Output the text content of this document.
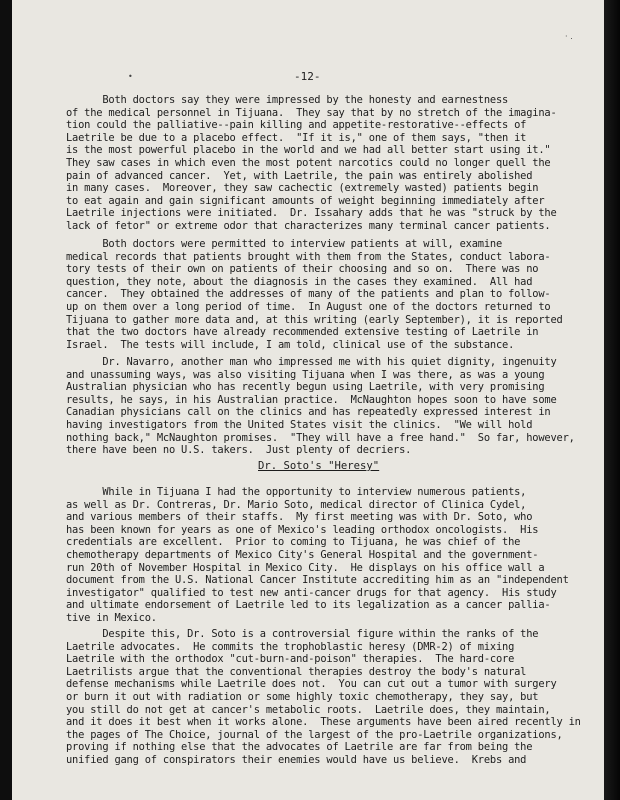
•
· .
-12-
Both doctors say they were impressed by the honesty and earnestness
of the medical personnel in Tijuana.  They say that by no stretch of the imagina-
tion could the palliative--pain killing and appetite-restorative--effects of
Laetrile be due to a placebo effect.  "If it is," one of them says, "then it
is the most powerful placebo in the world and we had all better start using it."
They saw cases in which even the most potent narcotics could no longer quell the
pain of advanced cancer.  Yet, with Laetrile, the pain was entirely abolished
in many cases.  Moreover, they saw cachectic (extremely wasted) patients begin
to eat again and gain significant amounts of weight beginning immediately after
Laetrile injections were initiated.  Dr. Issahary adds that he was "struck by the
lack of fetor" or extreme odor that characterizes many terminal cancer patients.
Both doctors were permitted to interview patients at will, examine
medical records that patients brought with them from the States, conduct labora-
tory tests of their own on patients of their choosing and so on.  There was no
question, they note, about the diagnosis in the cases they examined.  All had
cancer.  They obtained the addresses of many of the patients and plan to follow-
up on them over a long period of time.  In August one of the doctors returned to
Tijuana to gather more data and, at this writing (early September), it is reported
that the two doctors have already recommended extensive testing of Laetrile in
Israel.  The tests will include, I am told, clinical use of the substance.
Dr. Navarro, another man who impressed me with his quiet dignity, ingenuity
and unassuming ways, was also visiting Tijuana when I was there, as was a young
Australian physician who has recently begun using Laetrile, with very promising
results, he says, in his Australian practice.  McNaughton hopes soon to have some
Canadian physicians call on the clinics and has repeatedly expressed interest in
having investigators from the United States visit the clinics.  "We will hold
nothing back," McNaughton promises.  "They will have a free hand."  So far, however,
there have been no U.S. takers.  Just plenty of decriers.
Dr. Soto's "Heresy"
While in Tijuana I had the opportunity to interview numerous patients,
as well as Dr. Contreras, Dr. Mario Soto, medical director of Clinica Cydel,
and various members of their staffs.  My first meeting was with Dr. Soto, who
has been known for years as one of Mexico's leading orthodox oncologists.  His
credentials are excellent.  Prior to coming to Tijuana, he was chief of the
chemotherapy departments of Mexico City's General Hospital and the government-
run 20th of November Hospital in Mexico City.  He displays on his office wall a
document from the U.S. National Cancer Institute accrediting him as an "independent
investigator" qualified to test new anti-cancer drugs for that agency.  His study
and ultimate endorsement of Laetrile led to its legalization as a cancer pallia-
tive in Mexico.
Despite this, Dr. Soto is a controversial figure within the ranks of the
Laetrile advocates.  He commits the trophoblastic heresy (DMR-2) of mixing
Laetrile with the orthodox "cut-burn-and-poison" therapies.  The hard-core
Laetrilists argue that the conventional therapies destroy the body's natural
defense mechanisms while Laetrile does not.  You can cut out a tumor with surgery
or burn it out with radiation or some highly toxic chemotherapy, they say, but
you still do not get at cancer's metabolic roots.  Laetrile does, they maintain,
and it does it best when it works alone.  These arguments have been aired recently in
the pages of The Choice, journal of the largest of the pro-Laetrile organizations,
proving if nothing else that the advocates of Laetrile are far from being the
unified gang of conspirators their enemies would have us believe.  Krebs and
